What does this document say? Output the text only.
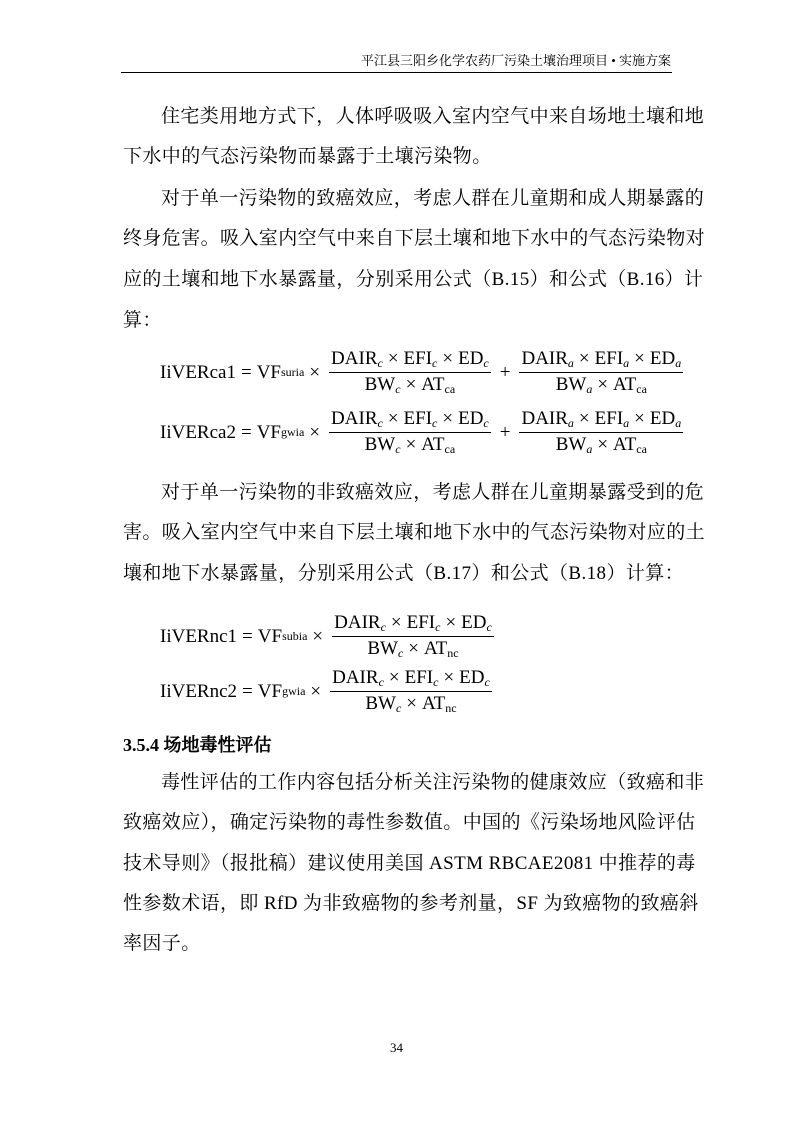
平江县三阳乡化学农药厂污染土壤治理项目 • 实施方案
3.5.4 场地毒性评估
34
住宅类用地方式下，人体呼吸吸入室内空气中来自场地土壤和地
下水中的气态污染物而暴露于土壤污染物。
对于单一污染物的致癌效应，考虑人群在儿童期和成人期暴露的
终身危害。吸入室内空气中来自下层土壤和地下水中的气态污染物对
应的土壤和地下水暴露量，分别采用公式（B.15）和公式（B.16）计
算：
对于单一污染物的非致癌效应，考虑人群在儿童期暴露受到的危
害。吸入室内空气中来自下层土壤和地下水中的气态污染物对应的土
壤和地下水暴露量，分别采用公式（B.17）和公式（B.18）计算：
毒性评估的工作内容包括分析关注污染物的健康效应（致癌和非
致癌效应），确定污染物的毒性参数值。中国的《污染场地风险评估
技术导则》（报批稿）建议使用美国 ASTM RBCAE2081 中推荐的毒
性参数术语，即 RfD 为非致癌物的参考剂量，SF 为致癌物的致癌斜
率因子。
IiVERca1 = VF suria × $\frac{DAIR_c \times EFI_c \times ED_c}{BW_c \times AT_{ca}} + \frac{DAIR_a \times EFI_a \times ED_a}{BW_a \times AT_{ca}}$
IiVERca2 = VF gwia × $\frac{DAIR_c \times EFI_c \times ED_c}{BW_c \times AT_{ca}} + \frac{DAIR_a \times EFI_a \times ED_a}{BW_a \times AT_{ca}}$
IiVERnc1 = VF subia × $\frac{DAIR_c \times EFI_c \times ED_c}{BW_c \times AT_{nc}}$
IiVERnc2 = VF gwia × $\frac{DAIR_c \times EFI_c \times ED_c}{BW_c \times AT_{nc}}$
